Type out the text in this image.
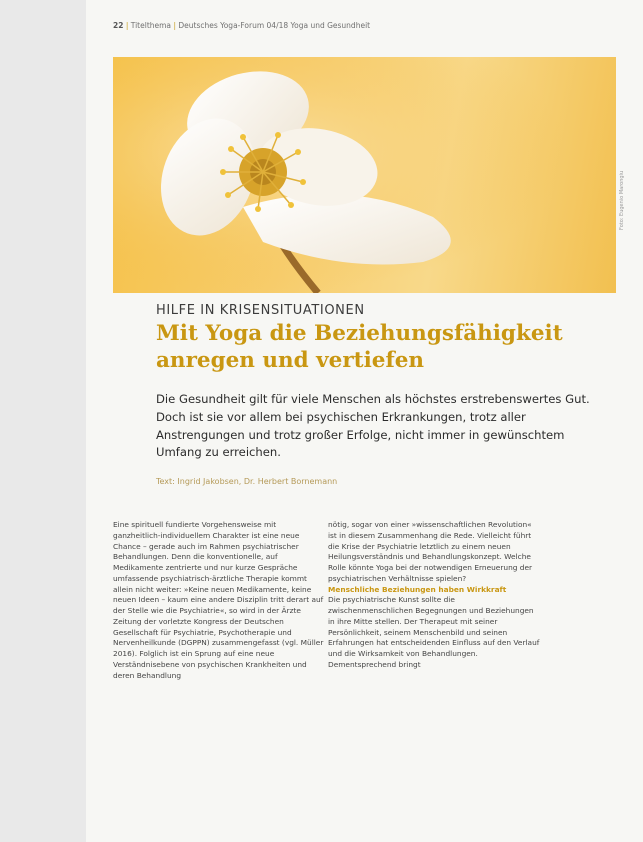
22 | Titelthema | Deutsches Yoga-Forum 04/18 Yoga und Gesundheit
Foto: Eugenio Marongiu
HILFE IN KRISENSITUATIONEN
Mit Yoga die Beziehungsfähigkeit anregen und vertiefen
Die Gesundheit gilt für viele Menschen als höchstes erstrebenswertes Gut. Doch ist sie vor allem bei psychischen Erkrankungen, trotz aller Anstrengungen und trotz großer Erfolge, nicht immer in gewünschtem Umfang zu erreichen.
Text: Ingrid Jakobsen, Dr. Herbert Bornemann

Eine spirituell fundierte Vorgehensweise mit ganzheitlich-individuellem Charakter ist eine neue Chance – gerade auch im Rahmen psychiatrischer Behandlungen. Denn die konventionelle, auf Medikamente zentrierte und nur kurze Gespräche umfassende psychiatrisch-ärztliche Therapie kommt allein nicht weiter: »Keine neuen Medikamente, keine neuen Ideen – kaum eine andere Disziplin tritt derart auf der Stelle wie die Psychiatrie«, so wird in der Ärzte Zeitung der vorletzte Kongress der Deutschen Gesellschaft für Psychiatrie, Psychotherapie und Nervenheilkunde (DGPPN) zusammengefasst (vgl. Müller 2016). Folglich ist ein Sprung auf eine neue Verständnisebene von psychischen Krankheiten und deren Behandlung

nötig, sogar von einer »wissenschaftlichen Revolution« ist in diesem Zusammenhang die Rede. Vielleicht führt die Krise der Psychiatrie letztlich zu einem neuen Heilungsverständnis und Behandlungskonzept. Welche Rolle könnte Yoga bei der notwendigen Erneuerung der psychiatrischen Verhältnisse spielen?

Menschliche Beziehungen haben Wirkkraft

Die psychiatrische Kunst sollte die zwischenmenschlichen Begegnungen und Beziehungen in ihre Mitte stellen. Der Therapeut mit seiner Persönlichkeit, seinem Menschenbild und seinen Erfahrungen hat entscheidenden Einfluss auf den Verlauf und die Wirksamkeit von Behandlungen. Dementsprechend bringt
